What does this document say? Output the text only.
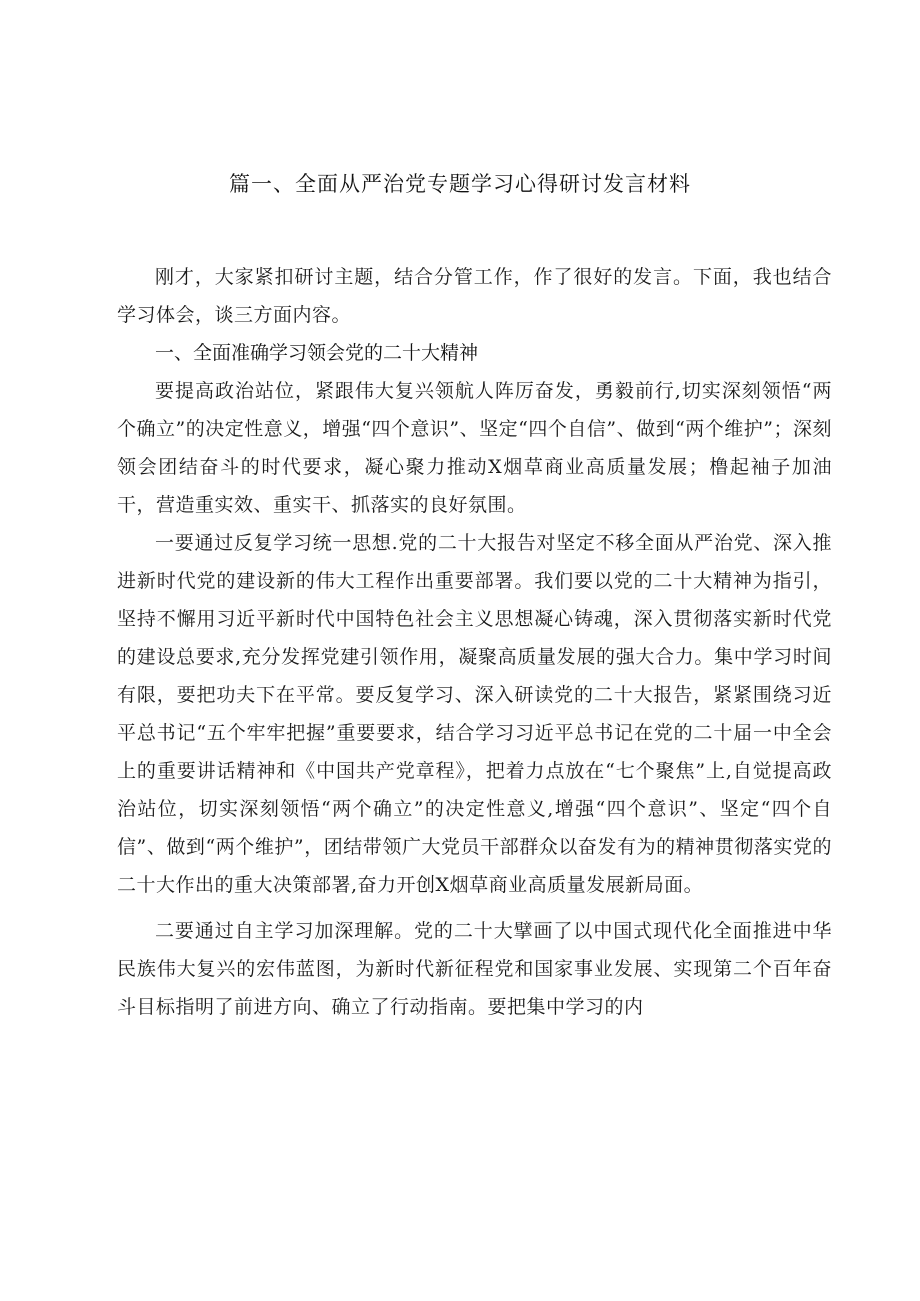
篇一、全面从严治党专题学习心得研讨发言材料

刚才，大家紧扣研讨主题，结合分管工作，作了很好的发言。下面，我也结合学习体会，谈三方面内容。

一、全面准确学习领会党的二十大精神

要提高政治站位，紧跟伟大复兴领航人阵厉奋发，勇毅前行,切实深刻领悟“两个确立”的决定性意义，增强“四个意识”、坚定“四个自信”、做到“两个维护”；深刻领会团结奋斗的时代要求，凝心聚力推动X烟草商业高质量发展；橹起袖子加油干，营造重实效、重实干、抓落实的良好氛围。

一要通过反复学习统一思想.党的二十大报告对坚定不移全面从严治党、深入推进新时代党的建设新的伟大工程作出重要部署。我们要以党的二十大精神为指引，坚持不懈用习近平新时代中国特色社会主义思想凝心铸魂，深入贯彻落实新时代党的建设总要求,充分发挥党建引领作用，凝聚高质量发展的强大合力。集中学习时间有限，要把功夫下在平常。要反复学习、深入研读党的二十大报告，紧紧围绕习近平总书记“五个牢牢把握”重要要求，结合学习习近平总书记在党的二十届一中全会上的重要讲话精神和《中国共产党章程》，把着力点放在“七个聚焦”上,自觉提高政治站位，切实深刻领悟“两个确立”的决定性意义,增强“四个意识”、坚定“四个自信”、做到“两个维护”，团结带领广大党员干部群众以奋发有为的精神贯彻落实党的二十大作出的重大决策部署,奋力开创X烟草商业高质量发展新局面。

二要通过自主学习加深理解。党的二十大擘画了以中国式现代化全面推进中华民族伟大复兴的宏伟蓝图，为新时代新征程党和国家事业发展、实现第二个百年奋斗目标指明了前进方向、确立了行动指南。要把集中学习的内
